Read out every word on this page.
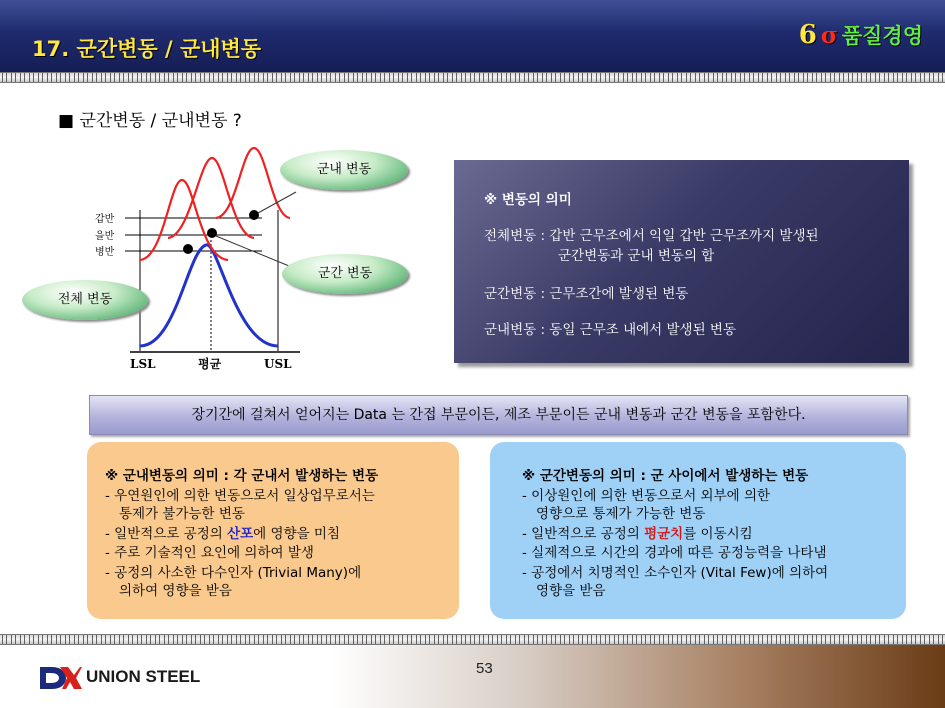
17. 군간변동 / 군내변동	6 σ 품질경영
■ 군간변동 / 군내변동 ?
갑반
을반
병반
LSL	평균	USL
군내 변동
군간 변동
전체 변동
※ 변동의 의미
전체변동 : 갑반 근무조에서 익일 갑반 근무조까지 발생된
군간변동과 군내 변동의 합
군간변동 : 근무조간에 발생된 변동
군내변동 : 동일 근무조 내에서 발생된 변동
장기간에 걸쳐서 얻어지는 Data 는 간접 부문이든, 제조 부문이든 군내 변동과 군간 변동을 포함한다.
※ 군내변동의 의미 : 각 군내서 발생하는 변동
- 우연원인에 의한 변동으로서 일상업무로서는
통제가 불가능한 변동
- 일반적으로 공정의 산포에 영향을 미침
- 주로 기술적인 요인에 의하여 발생
- 공정의 사소한 다수인자 (Trivial Many)에
의하여 영향을 받음
※ 군간변동의 의미 : 군 사이에서 발생하는 변동
- 이상원인에 의한 변동으로서 외부에 의한
영향으로 통제가 가능한 변동
- 일반적으로 공정의 평균치를 이동시킴
- 실제적으로 시간의 경과에 따른 공정능력을 나타냄
- 공정에서 치명적인 소수인자 (Vital Few)에 의하여
영향을 받음
UNION STEEL	53
